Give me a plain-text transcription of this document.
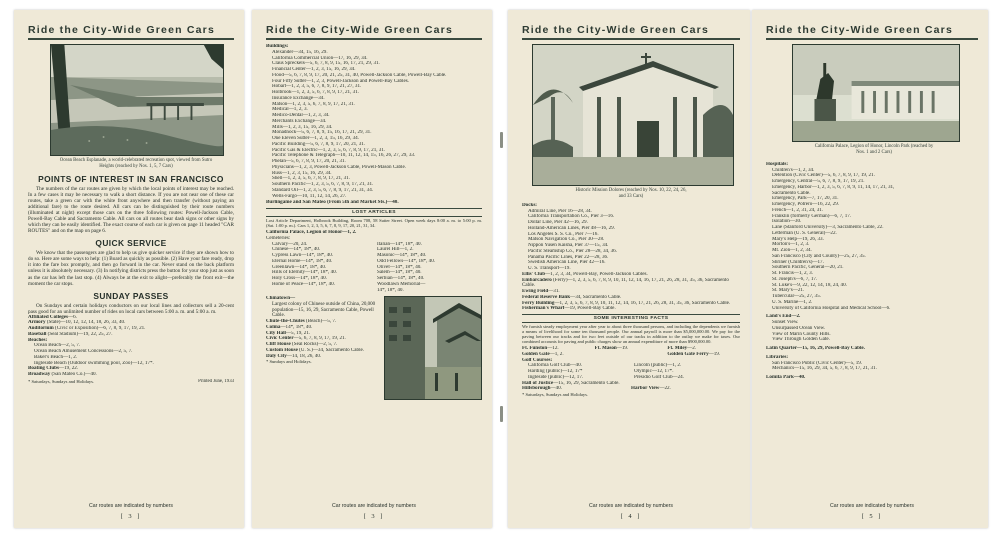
Ride the City-Wide Green Cars
Ocean Beach Esplanade, a world-celebrated recreation spot, viewed from Sutro Heights (reached by Nos. 1, 5, 7 Cars)
POINTS OF INTEREST IN SAN FRANCISCO

The numbers of the car routes are given by which the local points of interest may be reached. In a few cases it may be necessary to walk a short distance. If you are not near one of these car routes, take a green car with the white front anywhere and then transfer (without paying an additional fare) to the route desired. All cars can be distinguished by their route numbers (illuminated at night) except those cars on the three following routes: Powell-Jackson Cable, Powell-Bay Cable and Sacramento Cable. All cars on all routes bear dash signs or other signs by which they can be easily identified. The exact course of each car is given on page 11 headed "CAR ROUTES" and on the map on page 6.

QUICK SERVICE

We know that the passengers are glad to help us give quicker service if they are shown how to do so. Here are some ways to help: (1) Board as quickly as possible. (2) Have your fare ready, drop it into the fare box promptly, and then go forward in the car. Never stand on the back platform unless it is absolutely necessary. (3) In notifying districts press the button for your stop just as soon as the car has left the last stop. (4) Always be at the exit to alight—preferably the front exit—the moment the car stops.

SUNDAY PASSES

On Sundays and certain holidays conductors on our local lines and collectors sell a 20-cent pass good for an unlimited number of rides on local cars between 5:00 a. m. and 5:00 a. m.

Affiliated Colleges—6.
Armory (State)—10, 12, 12, 14, 18, 26, 33, 40.
Auditorium (Civic or Exposition)—6, 7, 8, 9, 17, 19, 21.
Baseball (Seal Stadium)—19, 22, 25, 27.
Beaches:
Ocean Beach—2, 5, 7.
Ocean Beach Amusement Concessions—2, 5, 7.
Baker's Beach—1, 2.
Ingleside Beach (Outdoor swimming pool, Zoo)—12, 17*.
Boating Clubs—19, 22.
Broadway (San Mateo Co.)—40.
* Saturdays, Sundays and Holidays.	Printed June, 1933
Car routes are indicated by numbers
[ 3 ]
Ride the City-Wide Green Cars
Buildings:
Alexander—34, 15, 16, 29.
California Commercial Union—17, 16, 29, 34.
Claus Spreckels—5, 6, 7, 8, 9, 15, 16, 17, 21, 29, 31.
Financial Center—1, 2, 3, 15, 16, 29, 34.
Flood—5, 6, 7, 8, 9, 17, 20, 21, 25, 31, 40, Powell-Jackson Cable, Powell-Bay Cable.
Four Fifty Sutter—1, 2, 3, Powell-Jackson and Powell-Bay Cables.
Hobart—1, 2, 3, 5, 6, 7, 8, 9, 17, 21, 27, 31.
Holbrook—1, 2, 3, 5, 6, 7, 8, 9, 17, 21, 31.
Insurance Exchange—34.
Matson—1, 2, 3, 5, 6, 7, 8, 9, 17, 21, 31.
Medical—1, 2, 3.
Medico-Dental—1, 2, 3, 34.
Merchants Exchange—34.
Mills—1, 2, 3, 15, 16, 29, 34.
Monadnock—5, 6, 7, 8, 9, 15, 16, 17, 21, 29, 31.
One Eleven Sutter—1, 2, 3, 15, 16, 29, 34.
Pacific Building—5, 6, 7, 8, 9, 17, 20, 21, 31.
Pacific Gas & Electric—1, 2, 3, 5, 6, 7, 8, 9, 17, 21, 31.
Pacific Telephone & Telegraph—10, 11, 12, 14, 15, 16, 26, 27, 29, 33.
Phelan—5, 6, 7, 8, 9, 17, 20, 21, 31.
Physicians—1, 2, 3, Powell-Jackson Cable, Powell-Mason Cable.
Russ—1, 2, 3, 15, 16, 29, 34.
Shell—1, 2, 3, 5, 6, 7, 8, 9, 17, 21, 31.
Southern Pacific—1, 2, 3, 5, 6, 7, 8, 9, 17, 21, 31.
Standard Oil—1, 2, 3, 5, 6, 7, 8, 9, 17, 21, 31, 34.
Wells-Fargo—10, 11, 12, 14, 26, 27.
Burlingame and San Mateo (From 5th and Market Sts.)—40.
LOST ARTICLES

Lost Article Department, Holbrook Building, Room 708, 58 Sutter Street. Open week days 8:00 a. m. to 5:00 p. m. (Sat. 1:00 p. m.). Cars 1, 2, 3, 5, 6, 7, 8, 9, 17, 20, 21, 31, 34.

California Palace, Legion of Honor—1, 2.
Cemeteries:
Calvary—20, 24.
Chinese—14*, 18*, 40.
Cypress Lawn—14*, 18*, 40.
Eternal Home—14*, 18*, 40.
Greenlawn—14*, 18*, 40.
Hills of Eternity—14*, 18*, 40.
Holy Cross—14*, 18*, 40.
Home of Peace—14*, 18*, 40.
Italian—14*, 18*, 40.
Laurel Hill—1, 2.
Masonic—14*, 18*, 40.
Odd Fellows—14*, 18*, 40.
Olivet—14*, 18*, 40.
Salem—14*, 18*, 40.
Serbian—14*, 18*, 40.
Woodlawn Memorial—
14*, 18*, 40.
Chinatown—

Largest colony of Chinese outside of China, 20,000 population—15, 16, 29, Sacramento Cable, Powell Cable.

Chute-the-Chutes (Beach)—5, 7.
Colma—14*, 18*, 40.
City Hall—5, 19, 21.
Civic Center—5, 6, 7, 8, 9, 17, 19, 21.
Cliff House (Seal Rocks)—2, 5, 7.
Custom House (U. S.)—34, Sacramento Cable.
Daly City—14, 18, 26, 40.
* Sundays and Holidays.
Car routes are indicated by numbers
[ 3 ]
Ride the City-Wide Green Cars
Historic Mission Dolores (reached by Nos. 10, 22, 24, 26, and 33 Cars)
Docks:
Admiral Line, Pier 16—28, 34.
California Transportation Co., Pier 3—16.
Dollar Line, Pier 42—16, 29.
Holland-American Lines, Pier 48—16, 29.
Los Angeles S. S. Co., Pier 7—16.
Matson Navigation Co., Pier 30—28.
Nippon Yusen Kaisha, Pier 37—15, 34.
Pacific Steamship Co., Pier 28—28, 34, 36.
Panama Pacific Lines, Pier 22—28, 36.
Swedish American Line, Pier 42—16.
U. S. Transport—19.
Ellis' Club—1, 2, 3, 34, Powell-Bay, Powell-Jackson Cables.
Embarcadero (Ferry)—1, 2, 3, 5, 6, 7, 8, 9, 10, 11, 12, 14, 16, 17, 21, 26, 28, 31, 35, 36, Sacramento Cable.
Ewing Field—31.
Federal Reserve Bank—34, Sacramento Cable.
Ferry Building—1, 2, 3, 5, 6, 7, 8, 9, 10, 11, 12, 14, 16, 17, 21, 26, 28, 31, 35, 36, Sacramento Cable.
Fisherman's Wharf—19, Powell-Bay Cable.
SOME INTERESTING FACTS

We furnish steady employment year after year to about three thousand persons, and including the dependents we furnish a means of livelihood for some ten thousand people. Our annual payroll is more than $5,000,000.00. We pay for the paving between our tracks and for two feet outside of our tracks in addition to the outlay we make for taxes. Our combined accounts for paving and public charges show an annual expenditure of more than $900,000.00.

Ft. Funston—12.
Golden Gate—1, 2.
Ft. Mason—19.	Ft. Miley—2.
Golden Gate Ferry—19.
Golf Courses:
California Golf Club—40.
Harding (public)—12, 17*
Ingleside (public)—12, 17.
Lincoln (public)—1, 2.
Olympic—12, 17*.
Presidio Golf Club—24.
Hall of Justice—15, 16, 29, Sacramento Cable.
Hillsborough—40.	Harbor View—22.
* Saturdays, Sundays and Holidays.
Car routes are indicated by numbers
[ 4 ]
Ride the City-Wide Green Cars
California Palace, Legion of Honor, Lincoln Park (reached by Nos. 1 and 2 Cars)
Hospitals:
Children's—1, 2, 34.
Detention (Civic Center)—5, 6, 7, 8, 9, 17, 19, 21.
Emergency, Central—5, 6, 7, 8, 9, 17, 19, 21.
Emergency, Harbor—1, 2, 3, 5, 6, 7, 8, 9, 11, 14, 17, 21, 31,
Sacramento Cable.
Emergency, Park—7, 17, 20, 31.
Emergency, Potrero—16, 22, 29.
French—1, 2, 31, 24, 31.
Franklin (formerly German)—6, 7, 17.
Isolation—30.
Lane (Stanford University)—3, Sacramento Cable, 22.
Letterman (U. S. General)—22.
Mary's Help—19, 26, 33.
Morton's—1, 2, 3.
Mt. Zion—1, 2, 34.
San Francisco (City and County)—25, 27, 35.
Shriner (Children's)—17.
Southern Pacific, General—20, 21.
St. Francis—1, 2, 3.
St. Joseph's—6, 7, 17.
St. Luke's—9, 22, 12, 14, 18, 24, 40.
St. Mary's—21.
Tubercular—25, 27, 35.
U. S. Marine—1, 2.
University of California Hospital and Medical School—6.
Land's End—2.
Sunset View.
Unsurpassed Ocean View.
View of Marin County Hills.
View Through Golden Gate.
Latin Quarter—15, 16, 29, Powell-Bay Cable.
Libraries:
San Francisco Public (Civic Center)—5, 19.
Mechanics—15, 16, 29, 34, 5, 6, 7, 8, 9, 17, 21, 31.
Lomita Park—40.
Car routes are indicated by numbers
[ 5 ]
